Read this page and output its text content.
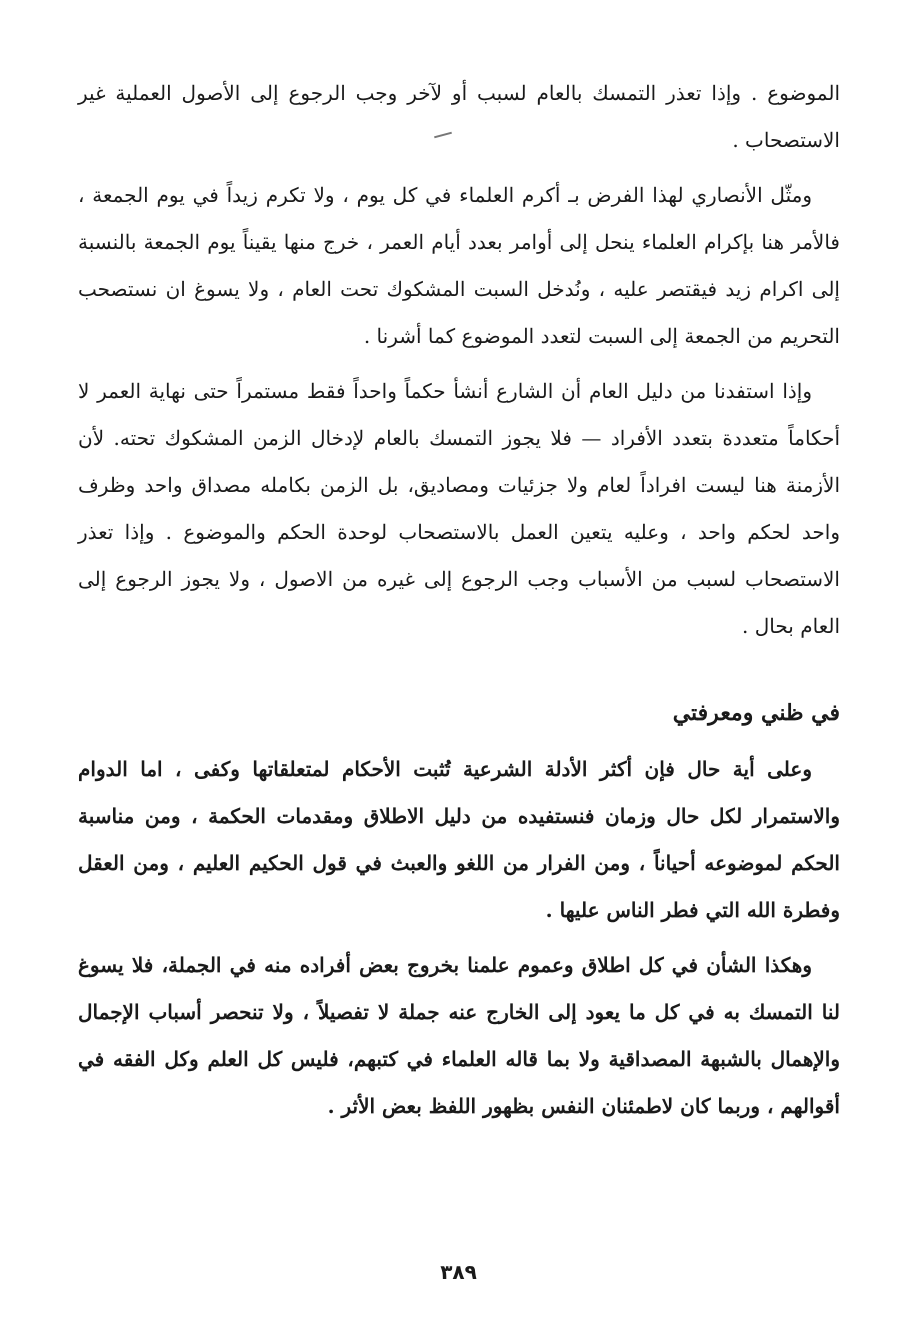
الموضوع . وإذا تعذر التمسك بالعام لسبب أو لآخر وجب الرجوع إلى الأصول العملية غير الاستصحاب .

ومثّل الأنصاري لهذا الفرض بـ أكرم العلماء في كل يوم ، ولا تكرم زيداً في يوم الجمعة ، فالأمر هنا بإكرام العلماء ينحل إلى أوامر بعدد أيام العمر ، خرج منها يقيناً يوم الجمعة بالنسبة إلى اكرام زيد فيقتصر عليه ، ونُدخل السبت المشكوك تحت العام ، ولا يسوغ ان نستصحب التحريم من الجمعة إلى السبت لتعدد الموضوع كما أشرنا .

وإذا استفدنا من دليل العام أن الشارع أنشأ حكماً واحداً فقط مستمراً حتى نهاية العمر لا أحكاماً متعددة بتعدد الأفراد — فلا يجوز التمسك بالعام لإدخال الزمن المشكوك تحته. لأن الأزمنة هنا ليست افراداً لعام ولا جزئيات ومصاديق، بل الزمن بكامله مصداق واحد وظرف واحد لحكم واحد ، وعليه يتعين العمل بالاستصحاب لوحدة الحكم والموضوع . وإذا تعذر الاستصحاب لسبب من الأسباب وجب الرجوع إلى غيره من الاصول ، ولا يجوز الرجوع إلى العام بحال .

في ظني ومعرفتي

وعلى أية حال فإن أكثر الأدلة الشرعية تُثبت الأحكام لمتعلقاتها وكفى ، اما الدوام والاستمرار لكل حال وزمان فنستفيده من دليل الاطلاق ومقدمات الحكمة ، ومن مناسبة الحكم لموضوعه أحياناً ، ومن الفرار من اللغو والعبث في قول الحكيم العليم ، ومن العقل وفطرة الله التي فطر الناس عليها .

وهكذا الشأن في كل اطلاق وعموم علمنا بخروج بعض أفراده منه في الجملة، فلا يسوغ لنا التمسك به في كل ما يعود إلى الخارج عنه جملة لا تفصيلاً ، ولا تنحصر أسباب الإجمال والإهمال بالشبهة المصداقية ولا بما قاله العلماء في كتبهم، فليس كل العلم وكل الفقه في أقوالهم ، وربما كان لاطمئنان النفس بظهور اللفظ بعض الأثر .

٣٨٩
